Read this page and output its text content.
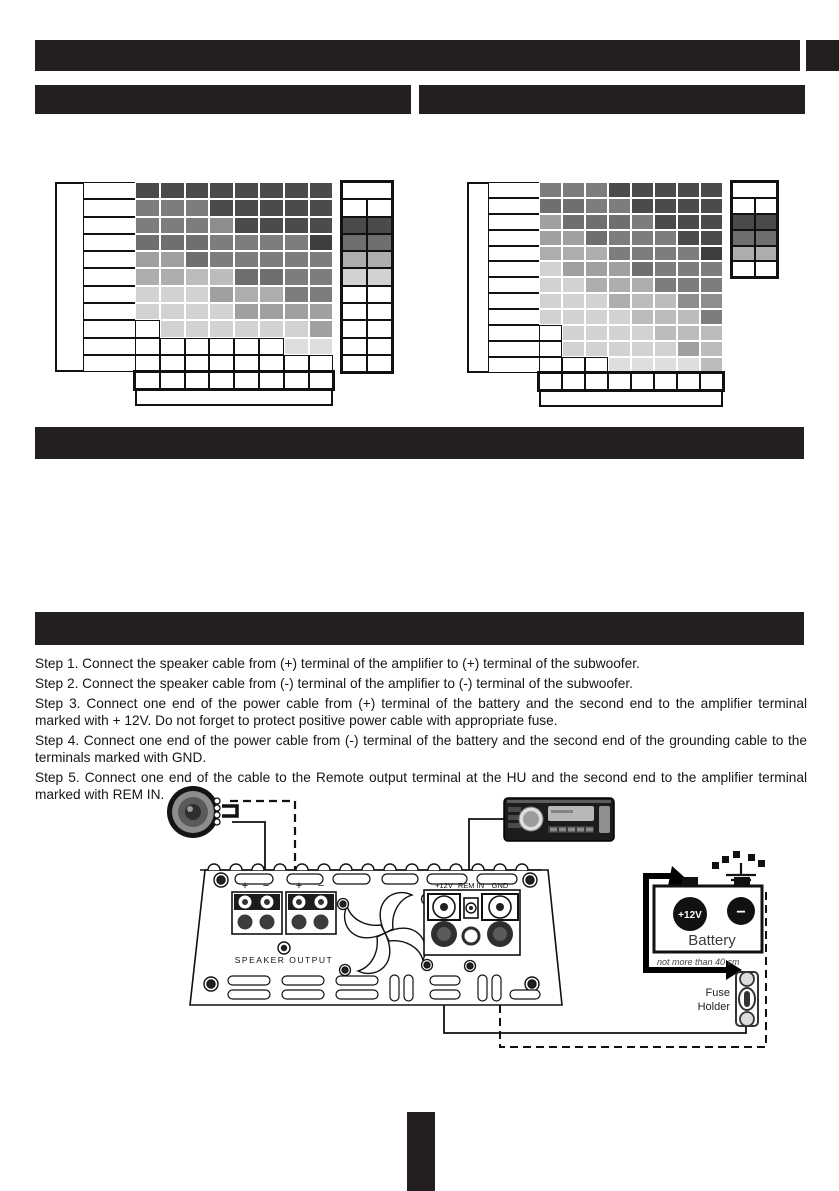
Step 1. Connect the speaker cable from (+) terminal of the amplifier to (+) terminal of the subwoofer.

Step 2. Connect the speaker cable from (-) terminal of the amplifier to (-) terminal of the subwoofer.

Step 3. Connect one end of the power cable from (+) terminal of the battery and the second end to the amplifier terminal marked with + 12V. Do not forget to protect positive power cable with appropriate fuse.

Step 4. Connect one end of the power cable from (-) terminal of the battery and the second end of the grounding cable to the terminals marked with GND.

Step 5. Connect one end of the cable to the Remote output terminal at the HU and the second end to the amplifier terminal marked with REM IN.

+ − + −
SPEAKER OUTPUT
+12V REM IN GND
+12V −
Battery
not more than 40 cm
Fuse
Holder
